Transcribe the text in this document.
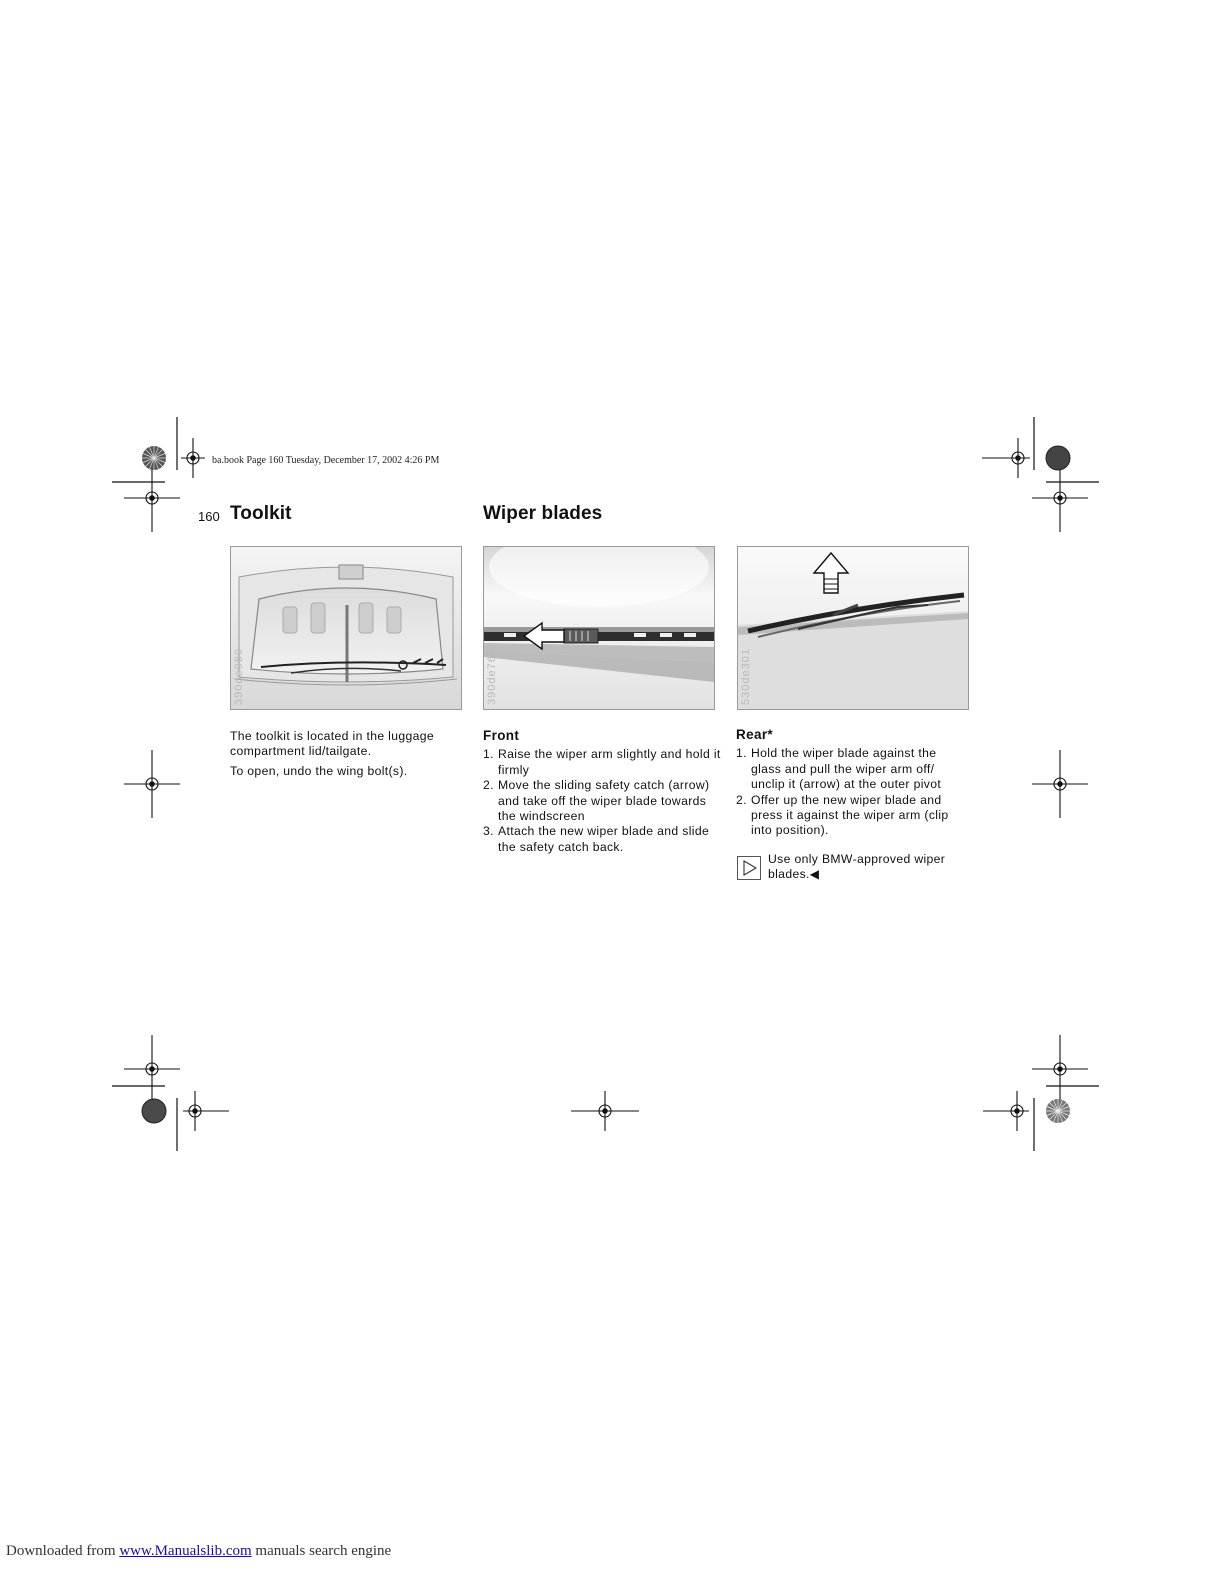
ba.book Page 160 Tuesday, December 17, 2002 4:26 PM
160 Toolkit	Wiper blades
390de080	390de766	530de301

The toolkit is located in the luggage compartment lid/tailgate.

To open, undo the wing bolt(s).

Front
1. Raise the wiper arm slightly and hold it firmly
2. Move the sliding safety catch (arrow) and take off the wiper blade towards the windscreen
3. Attach the new wiper blade and slide the safety catch back.
Rear*
1. Hold the wiper blade against the glass and pull the wiper arm off/ unclip it (arrow) at the outer pivot
2. Offer up the new wiper blade and press it against the wiper arm (clip into position).
Use only BMW-approved wiper blades.◀
Downloaded from www.Manualslib.com manuals search engine
